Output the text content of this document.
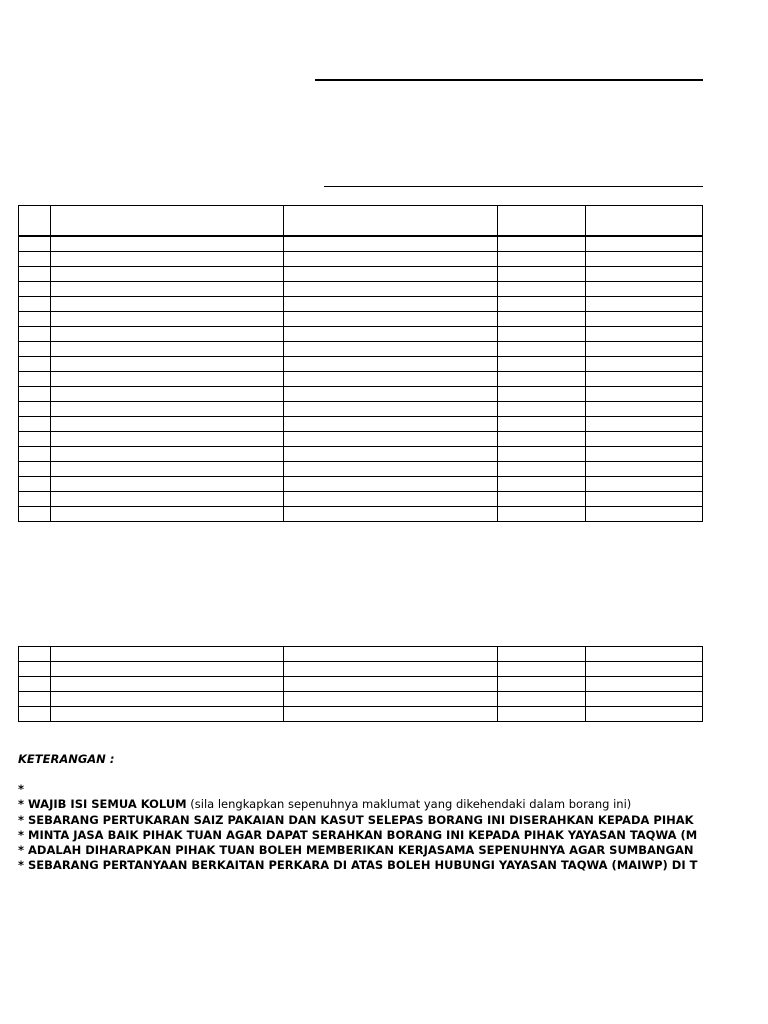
KETERANGAN :
*
* WAJIB ISI SEMUA KOLUM (sila lengkapkan sepenuhnya maklumat yang dikehendaki dalam borang ini)
* SEBARANG PERTUKARAN SAIZ PAKAIAN DAN KASUT SELEPAS BORANG INI DISERAHKAN KEPADA PIHAK
* MINTA JASA BAIK PIHAK TUAN AGAR DAPAT SERAHKAN BORANG INI KEPADA PIHAK YAYASAN TAQWA (M
* ADALAH DIHARAPKAN PIHAK TUAN BOLEH MEMBERIKAN KERJASAMA SEPENUHNYA AGAR SUMBANGAN
* SEBARANG PERTANYAAN BERKAITAN PERKARA DI ATAS BOLEH HUBUNGI YAYASAN TAQWA (MAIWP) DI T
